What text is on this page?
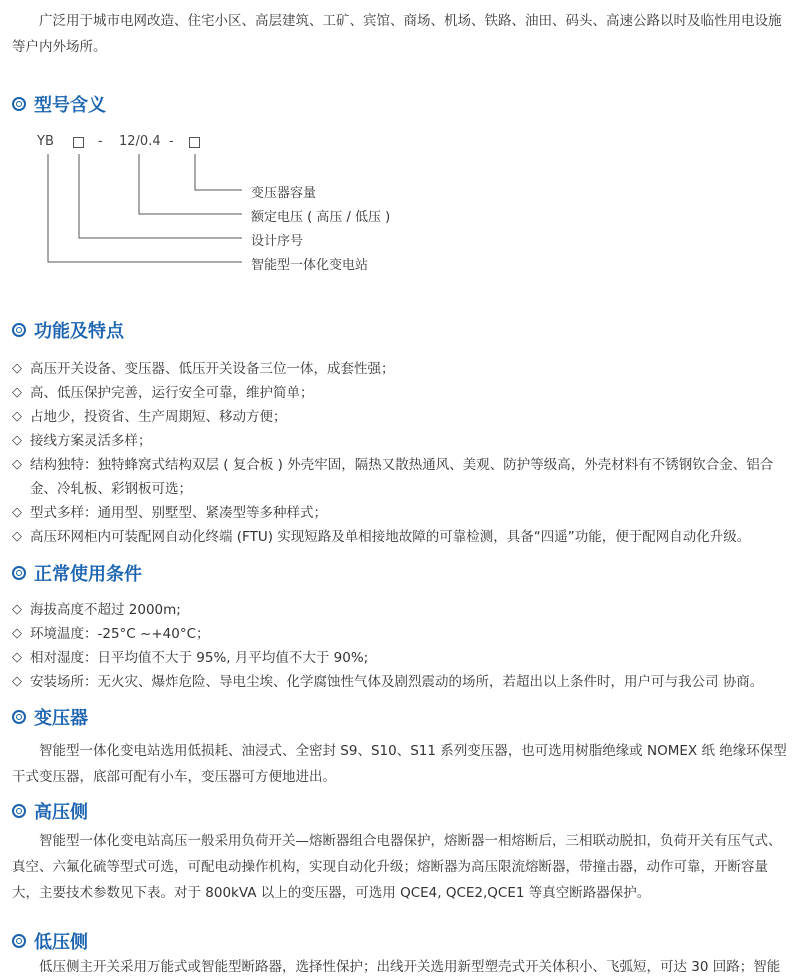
广泛用于城市电网改造、住宅小区、高层建筑、工矿、宾馆、商场、机场、铁路、油田、码头、高速公路以时及临性用电设施等户内外场所。

型号含义
YB	- 12/0.4 -
变压器容量
额定电压 ( 高压 / 低压 )
设计序号
智能型一体化变电站
功能及特点
◇ 高压开关设备、变压器、低压开关设备三位一体，成套性强；
◇ 高、低压保护完善，运行安全可靠，维护简单；
◇ 占地少，投资省、生产周期短、移动方便；
◇ 接线方案灵活多样；
◇ 结构独特：独特蜂窝式结构双层 ( 复合板 ) 外壳牢固，隔热又散热通风、美观、防护等级高，外壳材料有不锈钢钦合金、铝合金、冷轧板、彩钢板可选；
◇ 型式多样：通用型、别墅型、紧凑型等多种样式；
◇ 高压环网柜内可装配网自动化终端 (FTU) 实现短路及单相接地故障的可靠检测，具备“四遥”功能，便于配网自动化升级。
正常使用条件
◇ 海拔高度不超过 2000m;
◇ 环境温度：-25°C ~+40°C；
◇ 相对湿度：日平均值不大于 95%, 月平均值不大于 90%;
◇ 安装场所：无火灾、爆炸危险、导电尘埃、化学腐蚀性气体及剧烈震动的场所，若超出以上条件时，用户可与我公司 协商。
变压器

智能型一体化变电站选用低损耗、油浸式、全密封 S9、S10、S11 系列变压器，也可选用树脂绝缘或 NOMEX 纸 绝缘环保型干式变压器，底部可配有小车，变压器可方便地进出。

高压侧

智能型一体化变电站高压一般采用负荷开关—熔断器组合电器保护，熔断器一相熔断后，三相联动脱扣，负荷开关有压气式、真空、六氟化硫等型式可选，可配电动操作机构，实现自动化升级；熔断器为高压限流熔断器，带撞击器，动作可靠，开断容量大，主要技术参数见下表。对于 800kVA 以上的变压器，可选用 QCE4, QCE2,QCE1 等真空断路器保护。

低压侧

低压侧主开关采用万能式或智能型断路器，选择性保护；出线开关选用新型塑壳式开关体积小、飞弧短，可达 30 回路；智能
